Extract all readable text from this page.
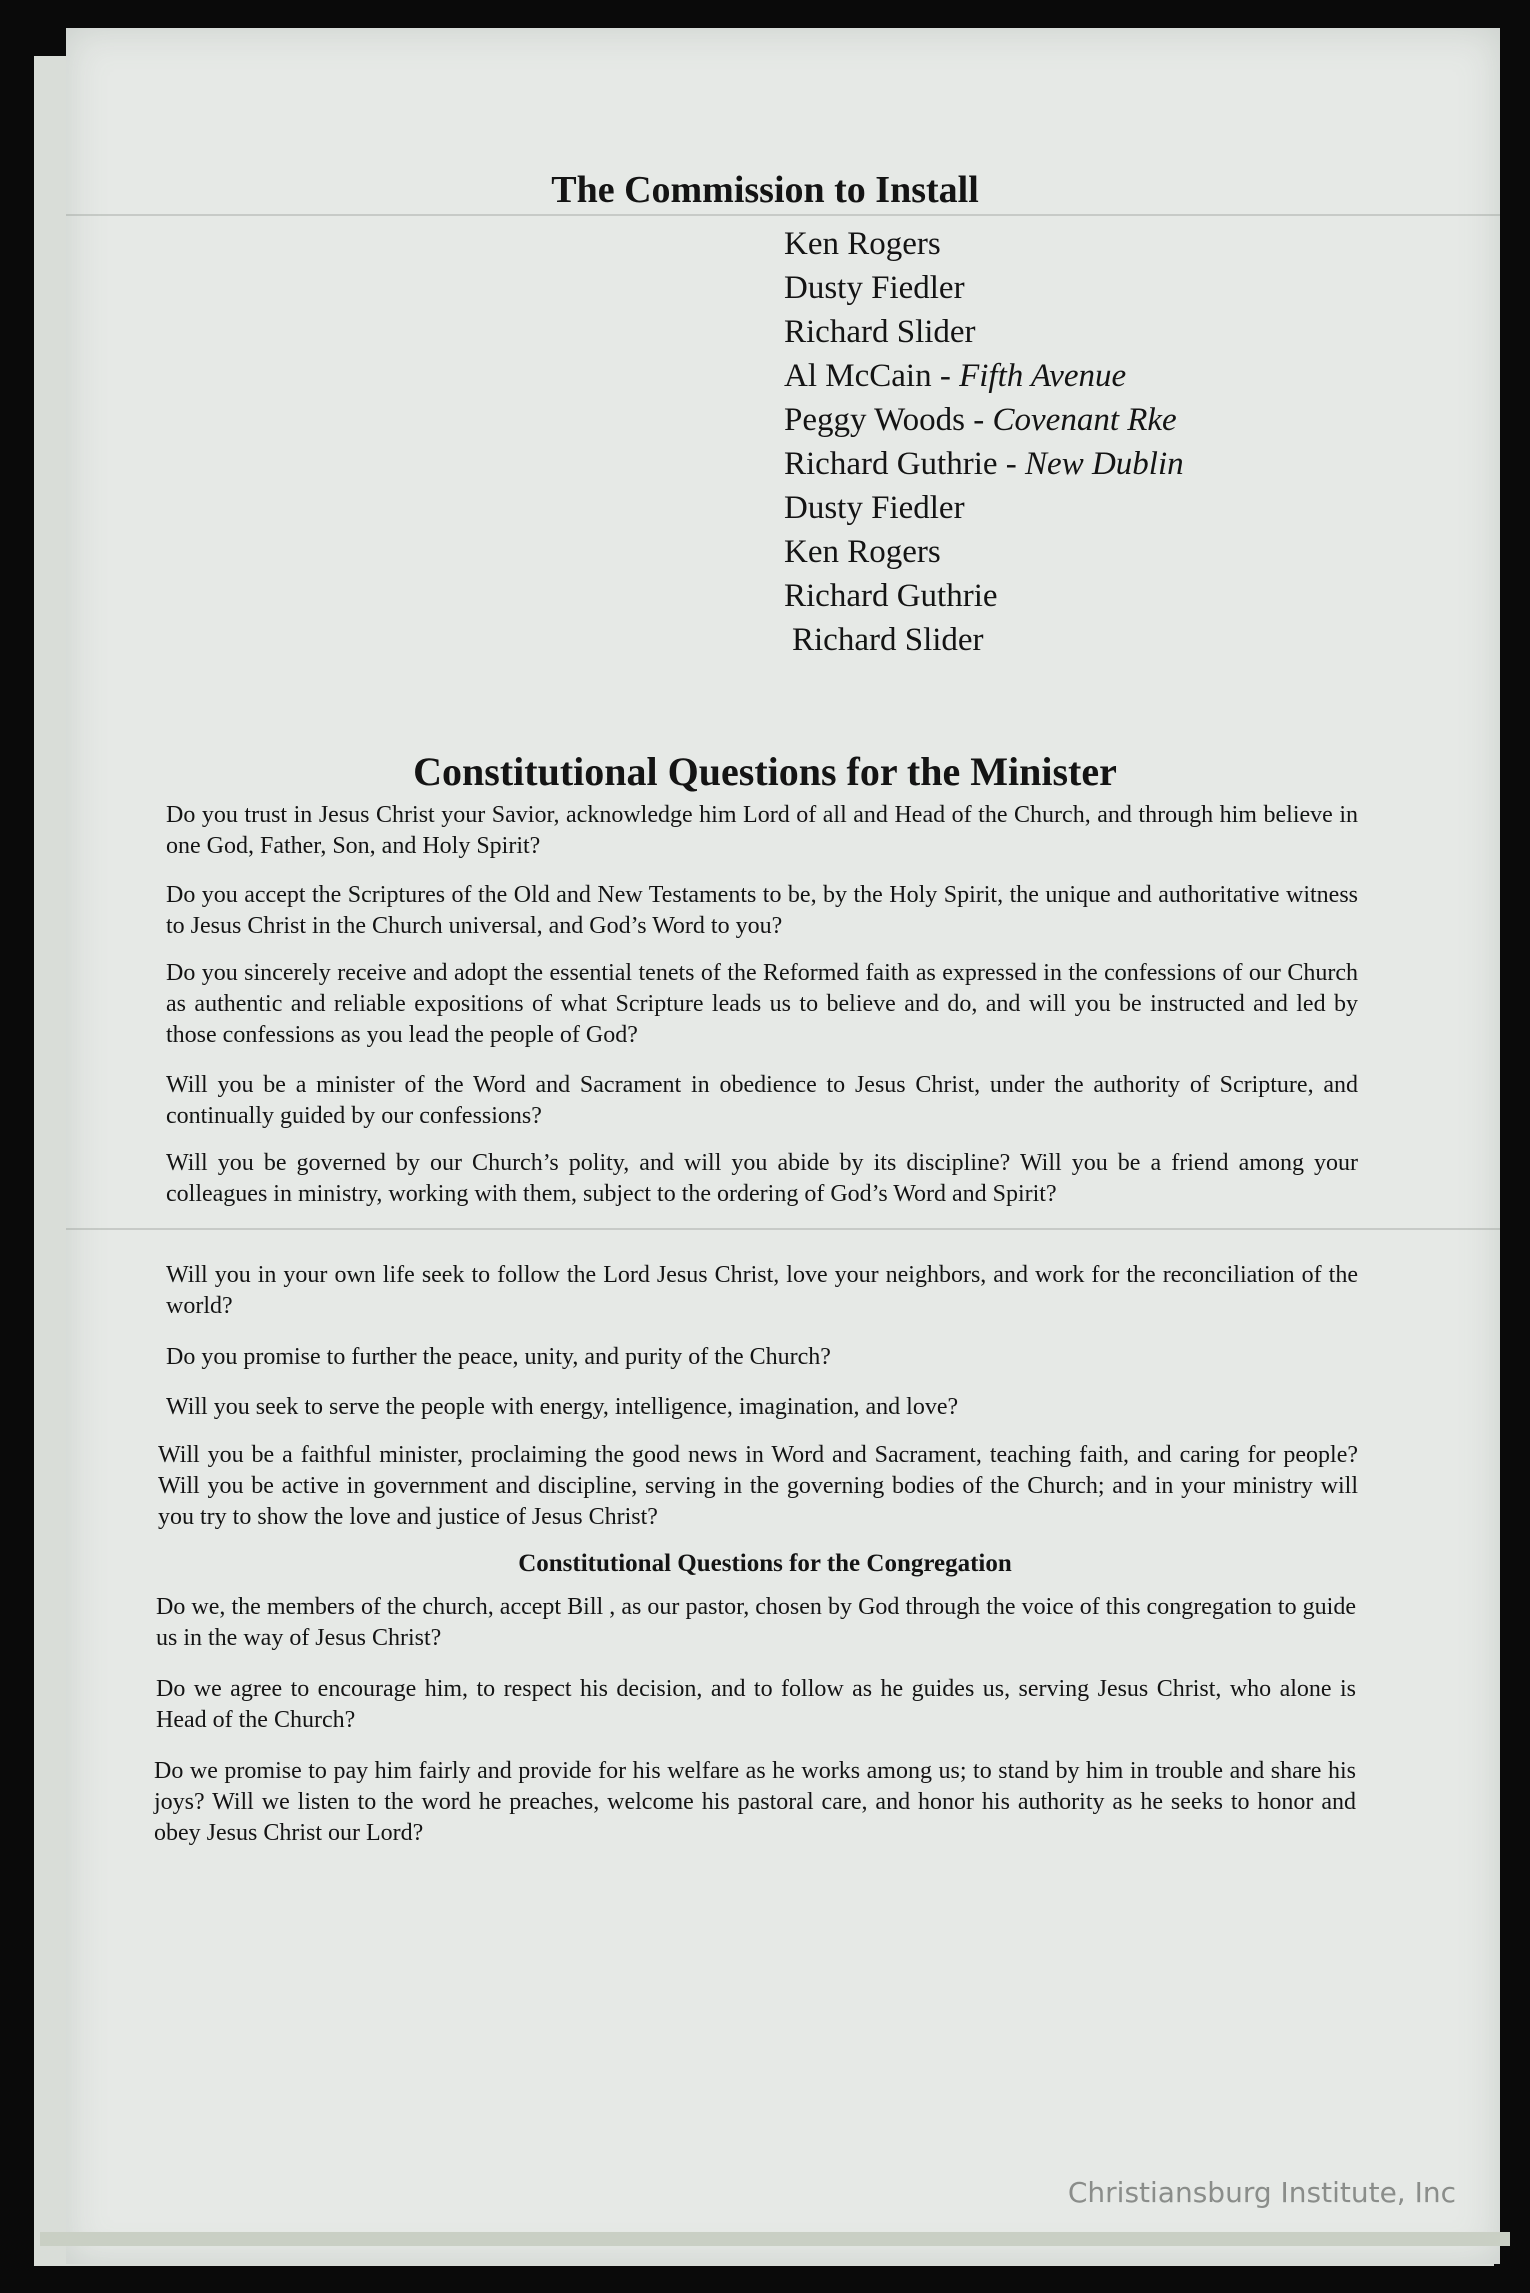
The Commission to Install
Ken Rogers
Dusty Fiedler
Richard Slider
Al McCain - Fifth Avenue
Peggy Woods - Covenant Rke
Richard Guthrie - New Dublin
Dusty Fiedler
Ken Rogers
Richard Guthrie
Richard Slider
Constitutional Questions for the Minister
Do you trust in Jesus Christ your Savior, acknowledge him Lord of all and Head of the Church, and through him believe in one God, Father, Son, and Holy Spirit?
Do you accept the Scriptures of the Old and New Testaments to be, by the Holy Spirit, the unique and authoritative witness to Jesus Christ in the Church universal, and God’s Word to you?
Do you sincerely receive and adopt the essential tenets of the Reformed faith as expressed in the confessions of our Church as authentic and reliable expositions of what Scripture leads us to believe and do, and will you be instructed and led by those confessions as you lead the people of God?
Will you be a minister of the Word and Sacrament in obedience to Jesus Christ, under the authority of Scripture, and continually guided by our confessions?
Will you be governed by our Church’s polity, and will you abide by its discipline? Will you be a friend among your colleagues in ministry, working with them, subject to the ordering of God’s Word and Spirit?
Will you in your own life seek to follow the Lord Jesus Christ, love your neighbors, and work for the reconciliation of the world?
Do you promise to further the peace, unity, and purity of the Church?
Will you seek to serve the people with energy, intelligence, imagination, and love?
Will you be a faithful minister, proclaiming the good news in Word and Sacrament, teaching faith, and caring for people? Will you be active in government and discipline, serving in the governing bodies of the Church; and in your ministry will you try to show the love and justice of Jesus Christ?
Constitutional Questions for the Congregation
Do we, the members of the church, accept Bill , as our pastor, chosen by God through the voice of this congregation to guide us in the way of Jesus Christ?
Do we agree to encourage him, to respect his decision, and to follow as he guides us, serving Jesus Christ, who alone is Head of the Church?
Do we promise to pay him fairly and provide for his welfare as he works among us; to stand by him in trouble and share his joys? Will we listen to the word he preaches, welcome his pastoral care, and honor his authority as he seeks to honor and obey Jesus Christ our Lord?
Christiansburg Institute, Inc
